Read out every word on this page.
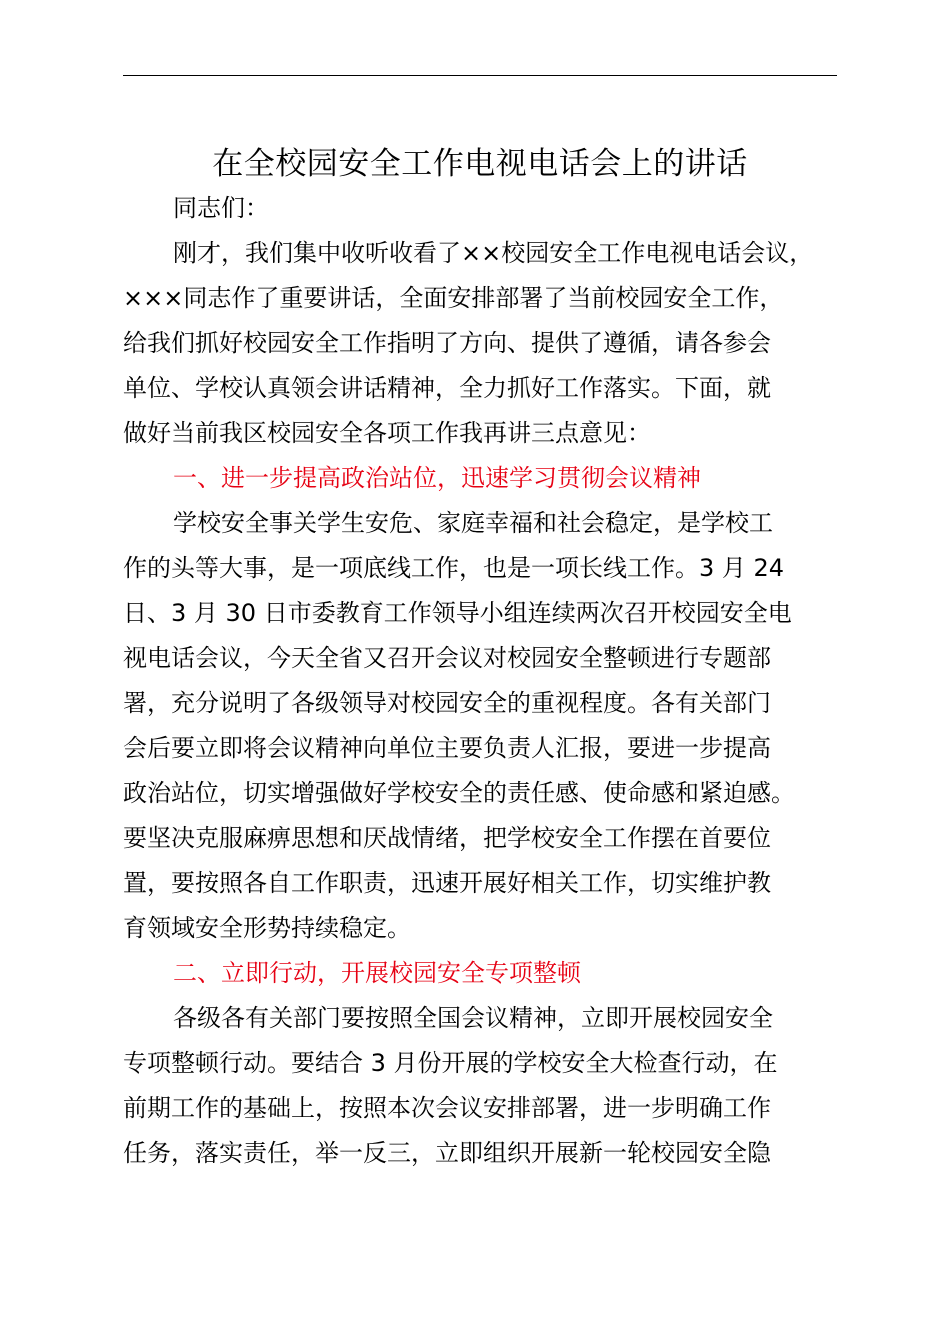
在全校园安全工作电视电话会上的讲话
同志们：
刚才，我们集中收听收看了××校园安全工作电视电话会议，
×××同志作了重要讲话，全面安排部署了当前校园安全工作，
给我们抓好校园安全工作指明了方向、提供了遵循，请各参会
单位、学校认真领会讲话精神，全力抓好工作落实。下面，就
做好当前我区校园安全各项工作我再讲三点意见：
一、进一步提高政治站位，迅速学习贯彻会议精神
学校安全事关学生安危、家庭幸福和社会稳定，是学校工
作的头等大事，是一项底线工作，也是一项长线工作。3 月 24
日、3 月 30 日市委教育工作领导小组连续两次召开校园安全电
视电话会议，今天全省又召开会议对校园安全整顿进行专题部
署，充分说明了各级领导对校园安全的重视程度。各有关部门
会后要立即将会议精神向单位主要负责人汇报，要进一步提高
政治站位，切实增强做好学校安全的责任感、使命感和紧迫感。
要坚决克服麻痹思想和厌战情绪，把学校安全工作摆在首要位
置，要按照各自工作职责，迅速开展好相关工作，切实维护教
育领域安全形势持续稳定。
二、立即行动，开展校园安全专项整顿
各级各有关部门要按照全国会议精神，立即开展校园安全
专项整顿行动。要结合 3 月份开展的学校安全大检查行动，在
前期工作的基础上，按照本次会议安排部署，进一步明确工作
任务，落实责任，举一反三，立即组织开展新一轮校园安全隐
